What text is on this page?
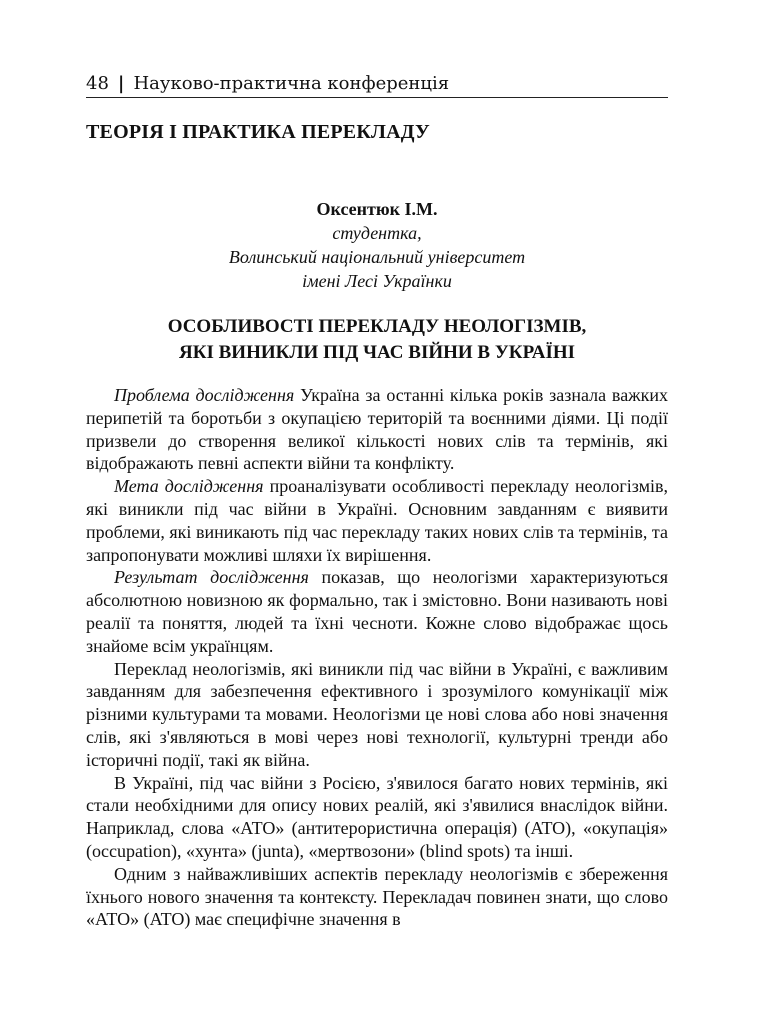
48 | Науково-практична конференція
ТЕОРІЯ І ПРАКТИКА ПЕРЕКЛАДУ
Оксентюк І.М.
студентка,
Волинський національний університет
імені Лесі Українки
ОСОБЛИВОСТІ ПЕРЕКЛАДУ НЕОЛОГІЗМІВ,
ЯКІ ВИНИКЛИ ПІД ЧАС ВІЙНИ В УКРАЇНІ

Проблема дослідження Україна за останні кілька років зазнала важких перипетій та боротьби з окупацією територій та воєнними діями. Ці події призвели до створення великої кількості нових слів та термінів, які відображають певні аспекти війни та конфлікту.

Мета дослідження проаналізувати особливості перекладу неологізмів, які виникли під час війни в Україні. Основним завданням є виявити проблеми, які виникають під час перекладу таких нових слів та термінів, та запропонувати можливі шляхи їх вирішення.

Результат дослідження показав, що неологізми характеризуються абсолютною новизною як формально, так і змістовно. Вони називають нові реалії та поняття, людей та їхні чесноти. Кожне слово відображає щось знайоме всім українцям.

Переклад неологізмів, які виникли під час війни в Україні, є важливим завданням для забезпечення ефективного і зрозумілого комунікації між різними культурами та мовами. Неологізми це нові слова або нові значення слів, які з'являються в мові через нові технології, культурні тренди або історичні події, такі як війна.

В Україні, під час війни з Росією, з'явилося багато нових термінів, які стали необхідними для опису нових реалій, які з'явилися внаслідок війни. Наприклад, слова «АТО» (антитерористична операція) (ATO), «окупація» (occupation), «хунта» (junta), «мертвозони» (blind spots) та інші.

Одним з найважливіших аспектів перекладу неологізмів є збереження їхнього нового значення та контексту. Перекладач повинен знати, що слово «АТО» (ATO) має специфічне значення в
